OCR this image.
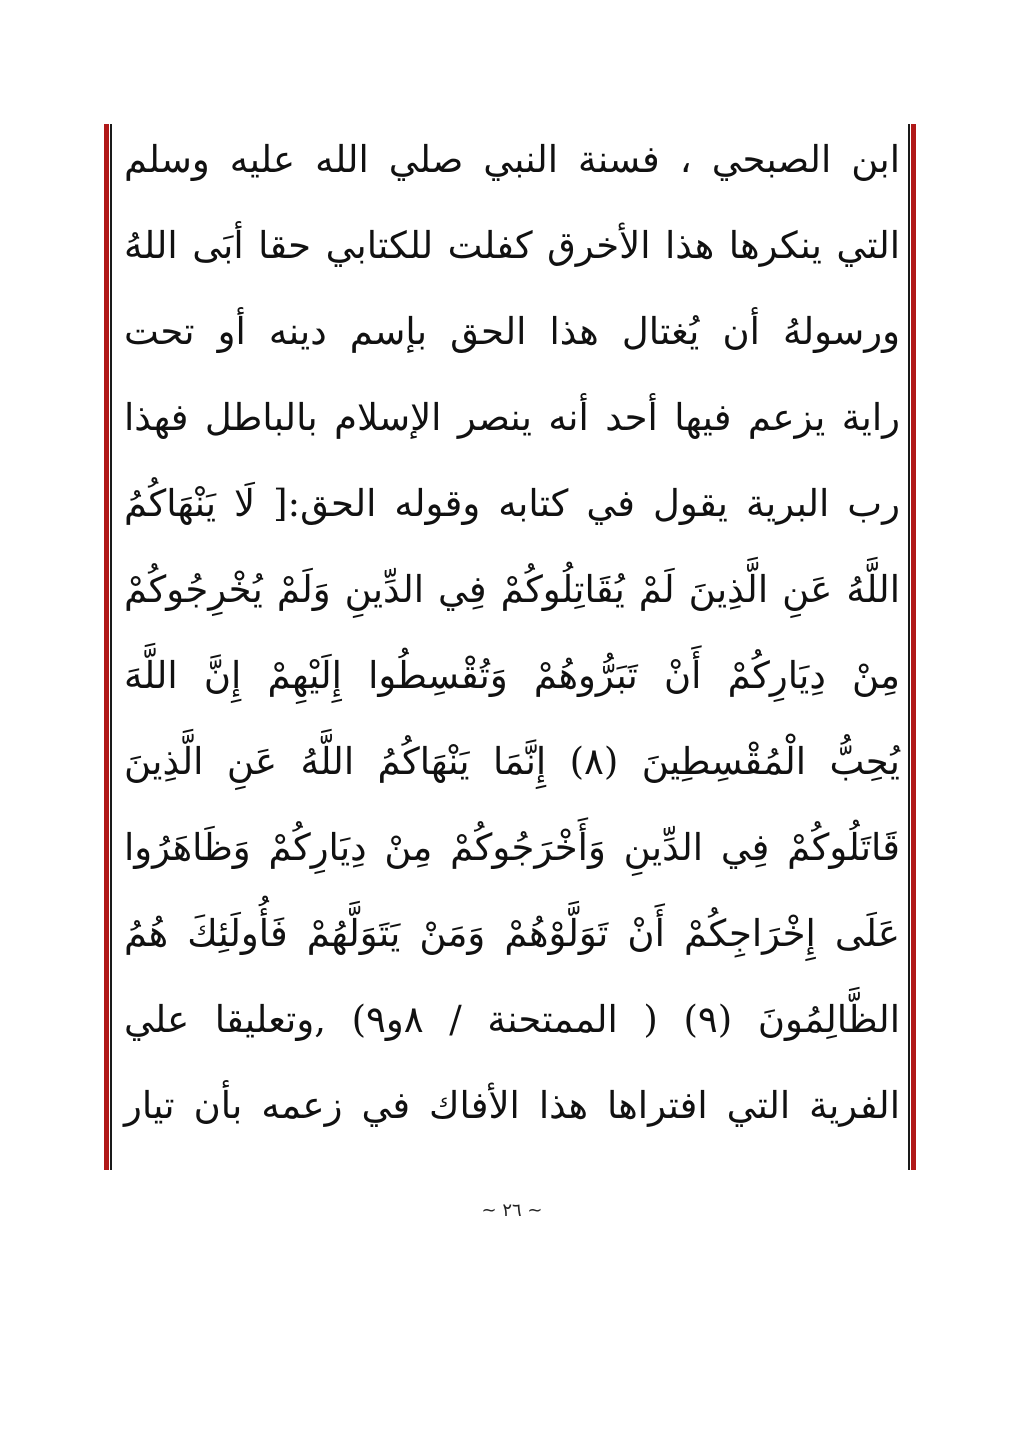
ابن الصبحي ، فسنة النبي صلي الله عليه وسلم
التي ينكرها هذا الأخرق كفلت للكتابي حقا أبَى اللهُ
ورسولهُ أن يُغتال هذا الحق بإسم دينه أو تحت
راية يزعم فيها أحد أنه ينصر الإسلام بالباطل فهذا
رب البرية يقول في كتابه وقوله الحق:[ لَا يَنْهَاكُمُ
اللَّهُ عَنِ الَّذِينَ لَمْ يُقَاتِلُوكُمْ فِي الدِّينِ وَلَمْ يُخْرِجُوكُمْ
مِنْ دِيَارِكُمْ أَنْ تَبَرُّوهُمْ وَتُقْسِطُوا إِلَيْهِمْ إِنَّ اللَّهَ
يُحِبُّ الْمُقْسِطِينَ (٨) إِنَّمَا يَنْهَاكُمُ اللَّهُ عَنِ الَّذِينَ
قَاتَلُوكُمْ فِي الدِّينِ وَأَخْرَجُوكُمْ مِنْ دِيَارِكُمْ وَظَاهَرُوا
عَلَى إِخْرَاجِكُمْ أَنْ تَوَلَّوْهُمْ وَمَنْ يَتَوَلَّهُمْ فَأُولَئِكَ هُمُ
الظَّالِمُونَ (٩) ( الممتحنة / ٨و٩) ,وتعليقا علي
الفرية التي افتراها هذا الأفاك في زعمه بأن تيار
~ ٢٦ ~
